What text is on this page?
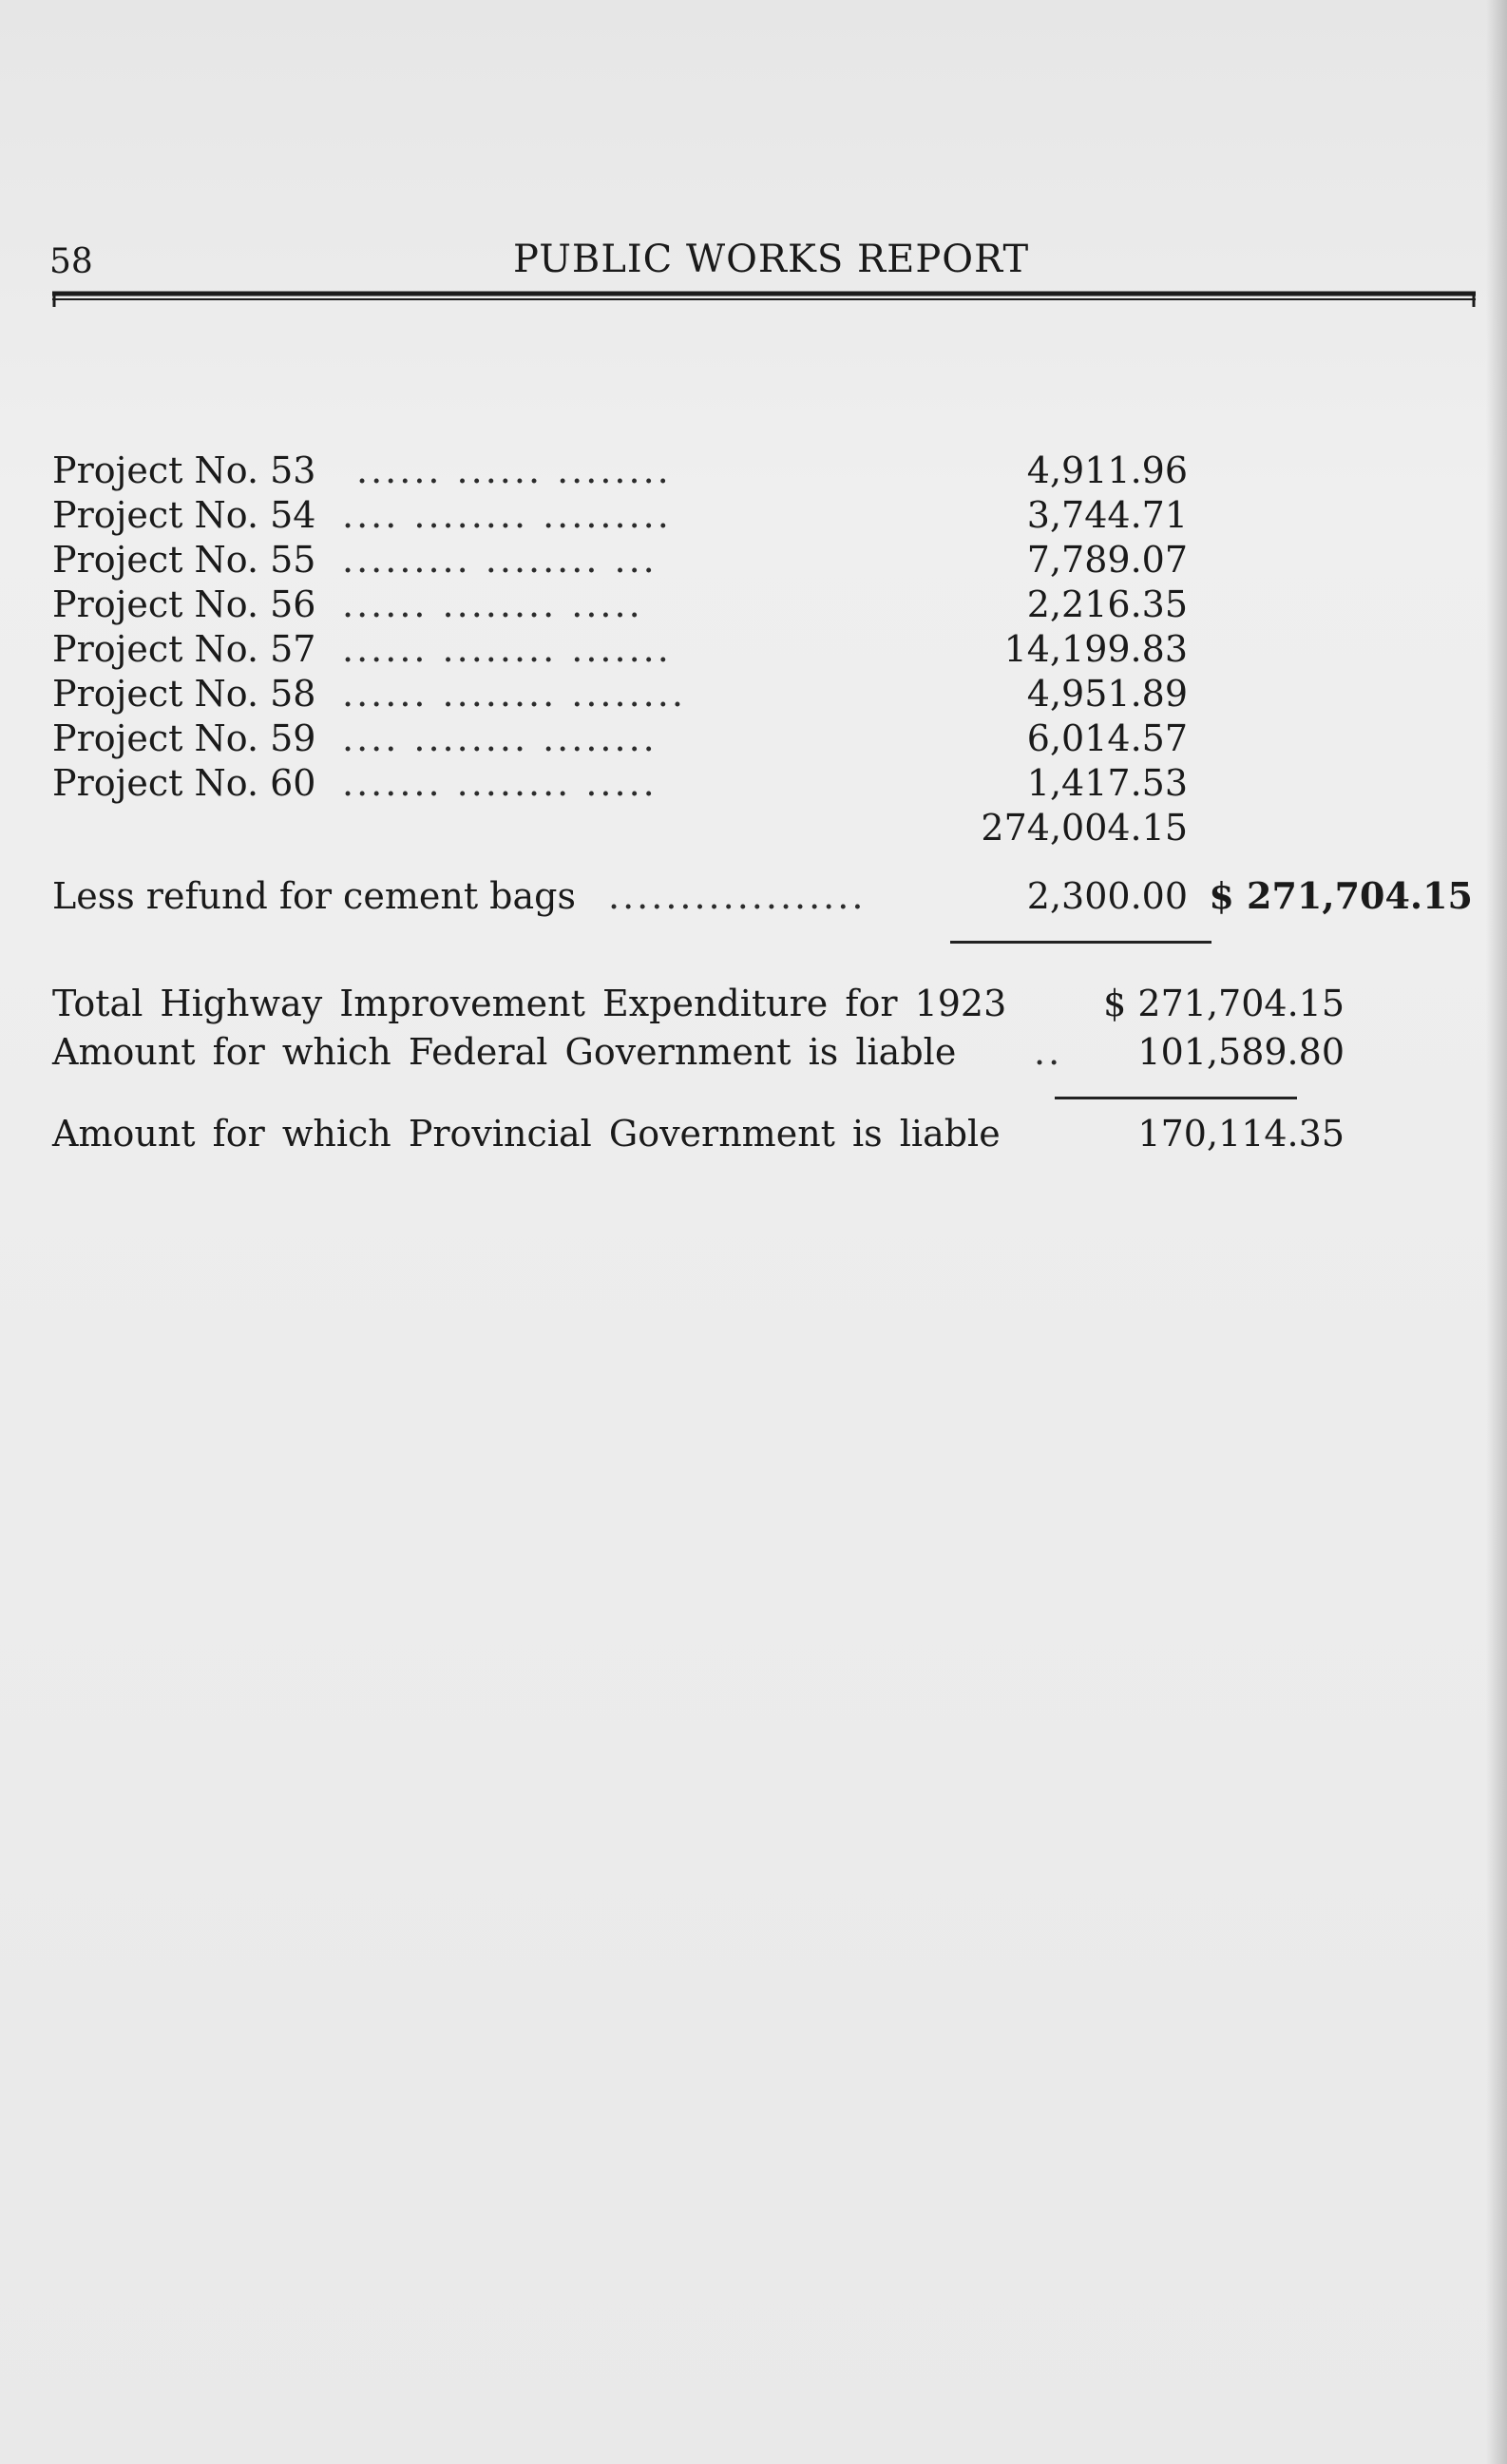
58	PUBLIC WORKS REPORT
Project No. 53 ...... ...... ........	4,911.96
Project No. 54 .... ........ .........	3,744.71
Project No. 55 ......... ........ ...	7,789.07
Project No. 56 ...... ........ .....	2,216.35
Project No. 57 ...... ........ .......	14,199.83
Project No. 58 ...... ........ ........	4,951.89
Project No. 59 .... ........ ........	6,014.57
Project No. 60 ....... ........ .....	1,417.53
274,004.15
Less refund for cement bags ..................	2,300.00 $ 271,704.15
Total Highway Improvement Expenditure for 1923	$ 271,704.15
Amount for which Federal Government is liable ..	101,589.80
Amount for which Provincial Government is liable	170,114.35
